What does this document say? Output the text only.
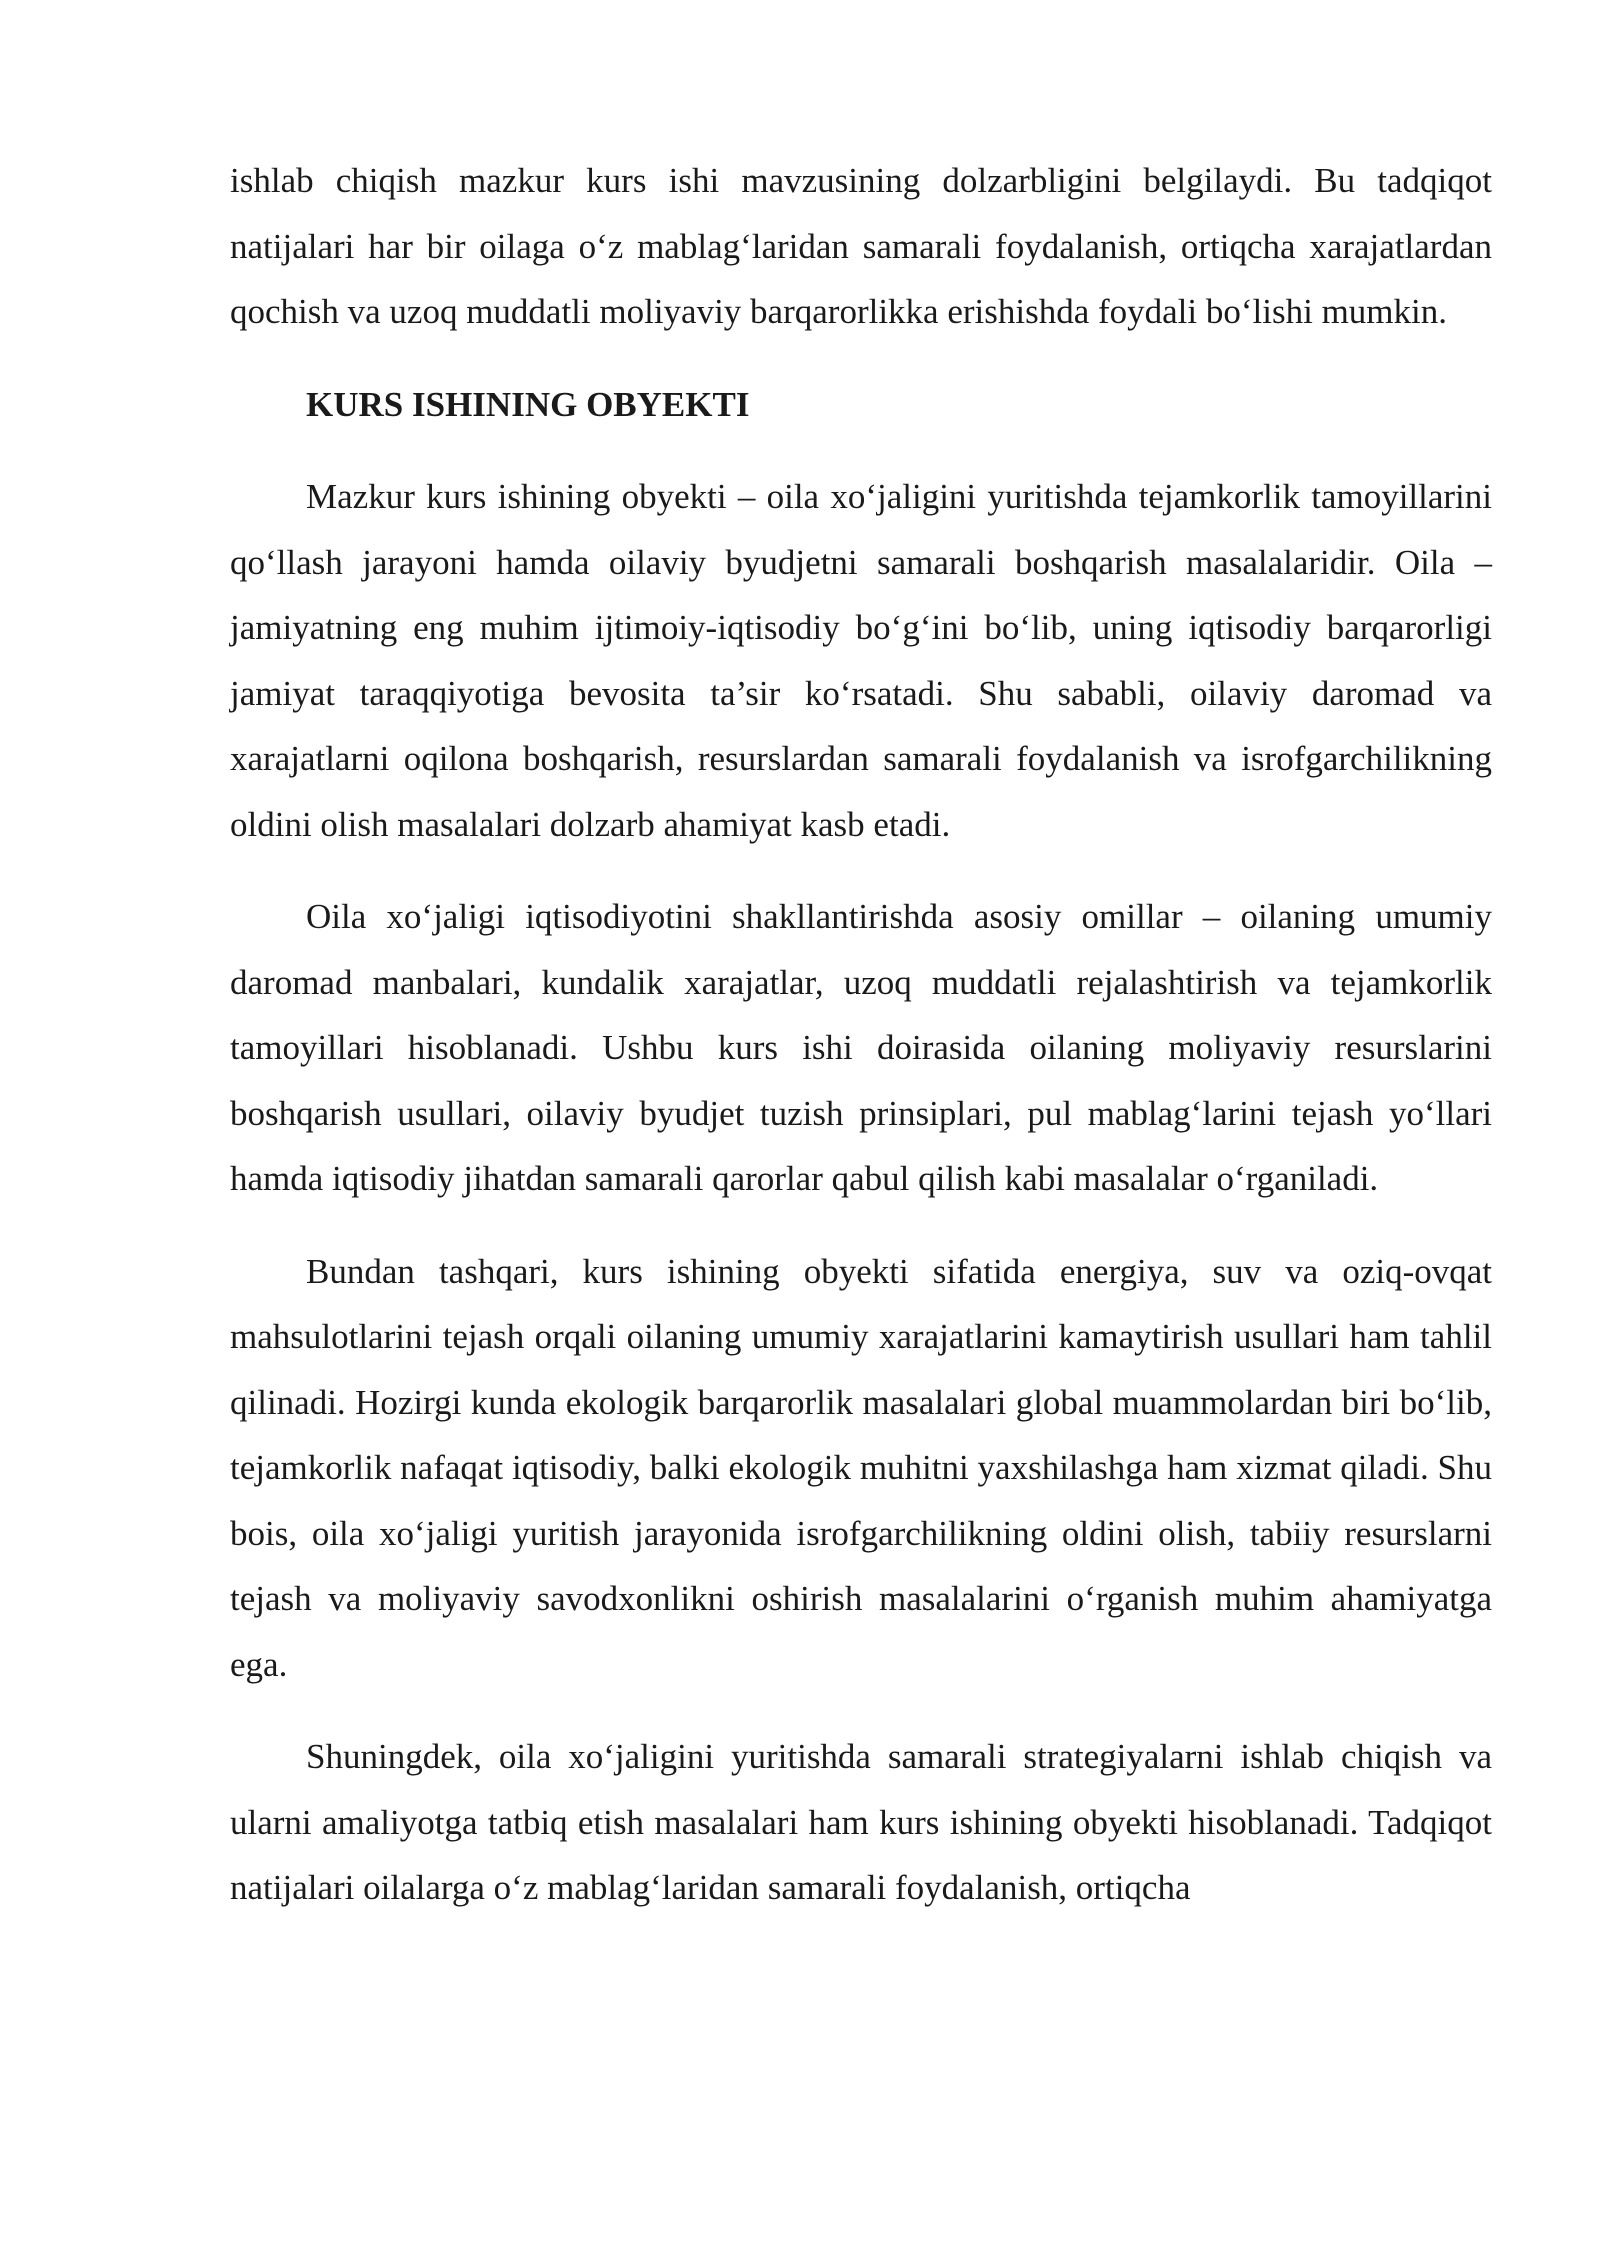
ishlab chiqish mazkur kurs ishi mavzusining dolzarbligini belgilaydi. Bu tadqiqot natijalari har bir oilaga o‘z mablag‘laridan samarali foydalanish, ortiqcha xarajatlardan qochish va uzoq muddatli moliyaviy barqarorlikka erishishda foydali bo‘lishi mumkin.

KURS ISHINING OBYEKTI

Mazkur kurs ishining obyekti – oila xo‘jaligini yuritishda tejamkorlik tamoyillarini qo‘llash jarayoni hamda oilaviy byudjetni samarali boshqarish masalalaridir. Oila – jamiyatning eng muhim ijtimoiy-iqtisodiy bo‘g‘ini bo‘lib, uning iqtisodiy barqarorligi jamiyat taraqqiyotiga bevosita ta’sir ko‘rsatadi. Shu sababli, oilaviy daromad va xarajatlarni oqilona boshqarish, resurslardan samarali foydalanish va isrofgarchilikning oldini olish masalalari dolzarb ahamiyat kasb etadi.

Oila xo‘jaligi iqtisodiyotini shakllantirishda asosiy omillar – oilaning umumiy daromad manbalari, kundalik xarajatlar, uzoq muddatli rejalashtirish va tejamkorlik tamoyillari hisoblanadi. Ushbu kurs ishi doirasida oilaning moliyaviy resurslarini boshqarish usullari, oilaviy byudjet tuzish prinsiplari, pul mablag‘larini tejash yo‘llari hamda iqtisodiy jihatdan samarali qarorlar qabul qilish kabi masalalar o‘rganiladi.

Bundan tashqari, kurs ishining obyekti sifatida energiya, suv va oziq-ovqat mahsulotlarini tejash orqali oilaning umumiy xarajatlarini kamaytirish usullari ham tahlil qilinadi. Hozirgi kunda ekologik barqarorlik masalalari global muammolardan biri bo‘lib, tejamkorlik nafaqat iqtisodiy, balki ekologik muhitni yaxshilashga ham xizmat qiladi. Shu bois, oila xo‘jaligi yuritish jarayonida isrofgarchilikning oldini olish, tabiiy resurslarni tejash va moliyaviy savodxonlikni oshirish masalalarini o‘rganish muhim ahamiyatga ega.

Shuningdek, oila xo‘jaligini yuritishda samarali strategiyalarni ishlab chiqish va ularni amaliyotga tatbiq etish masalalari ham kurs ishining obyekti hisoblanadi. Tadqiqot natijalari oilalarga o‘z mablag‘laridan samarali foydalanish, ortiqcha
